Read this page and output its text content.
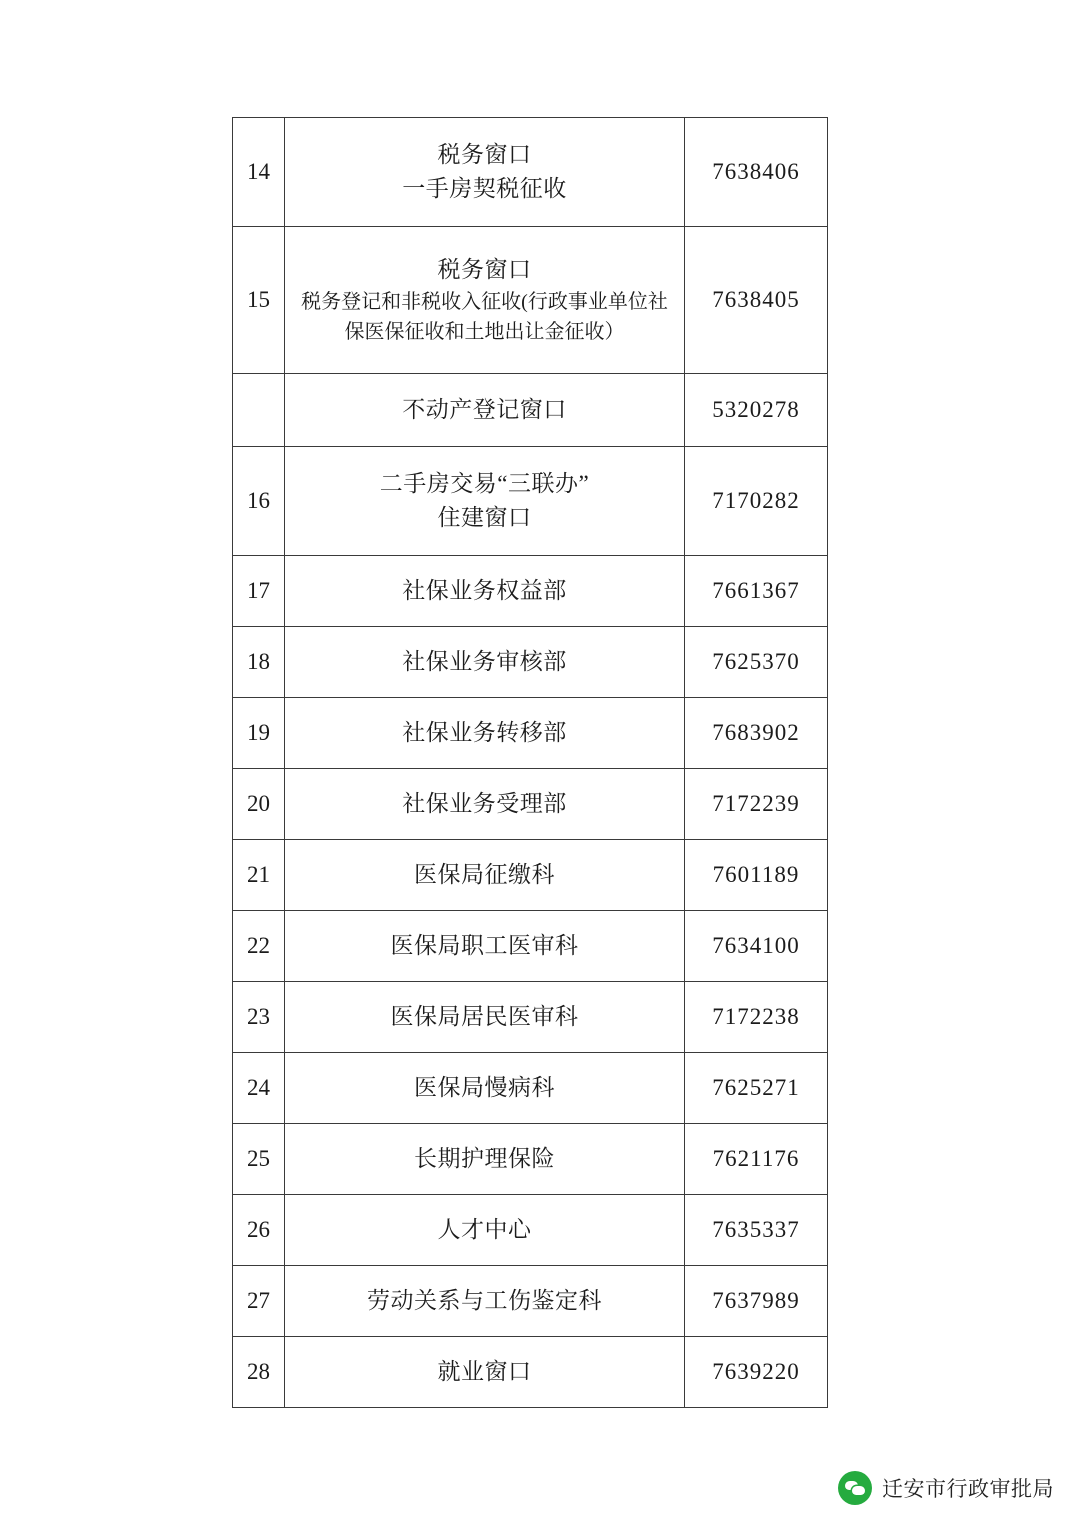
14	税务窗口
一手房契税征收	7638406
15	税务窗口
税务登记和非税收入征收(行政事业单位社
保医保征收和土地出让金征收）	7638405

	不动产登记窗口	5320278
16	二手房交易“三联办”
住建窗口	7170282
17	社保业务权益部	7661367
18	社保业务审核部	7625370
19	社保业务转移部	7683902
20	社保业务受理部	7172239
21	医保局征缴科	7601189
22	医保局职工医审科	7634100
23	医保局居民医审科	7172238
24	医保局慢病科	7625271
25	长期护理保险	7621176
26	人才中心	7635337
27	劳动关系与工伤鉴定科	7637989
28	就业窗口	7639220
迁安市行政审批局
